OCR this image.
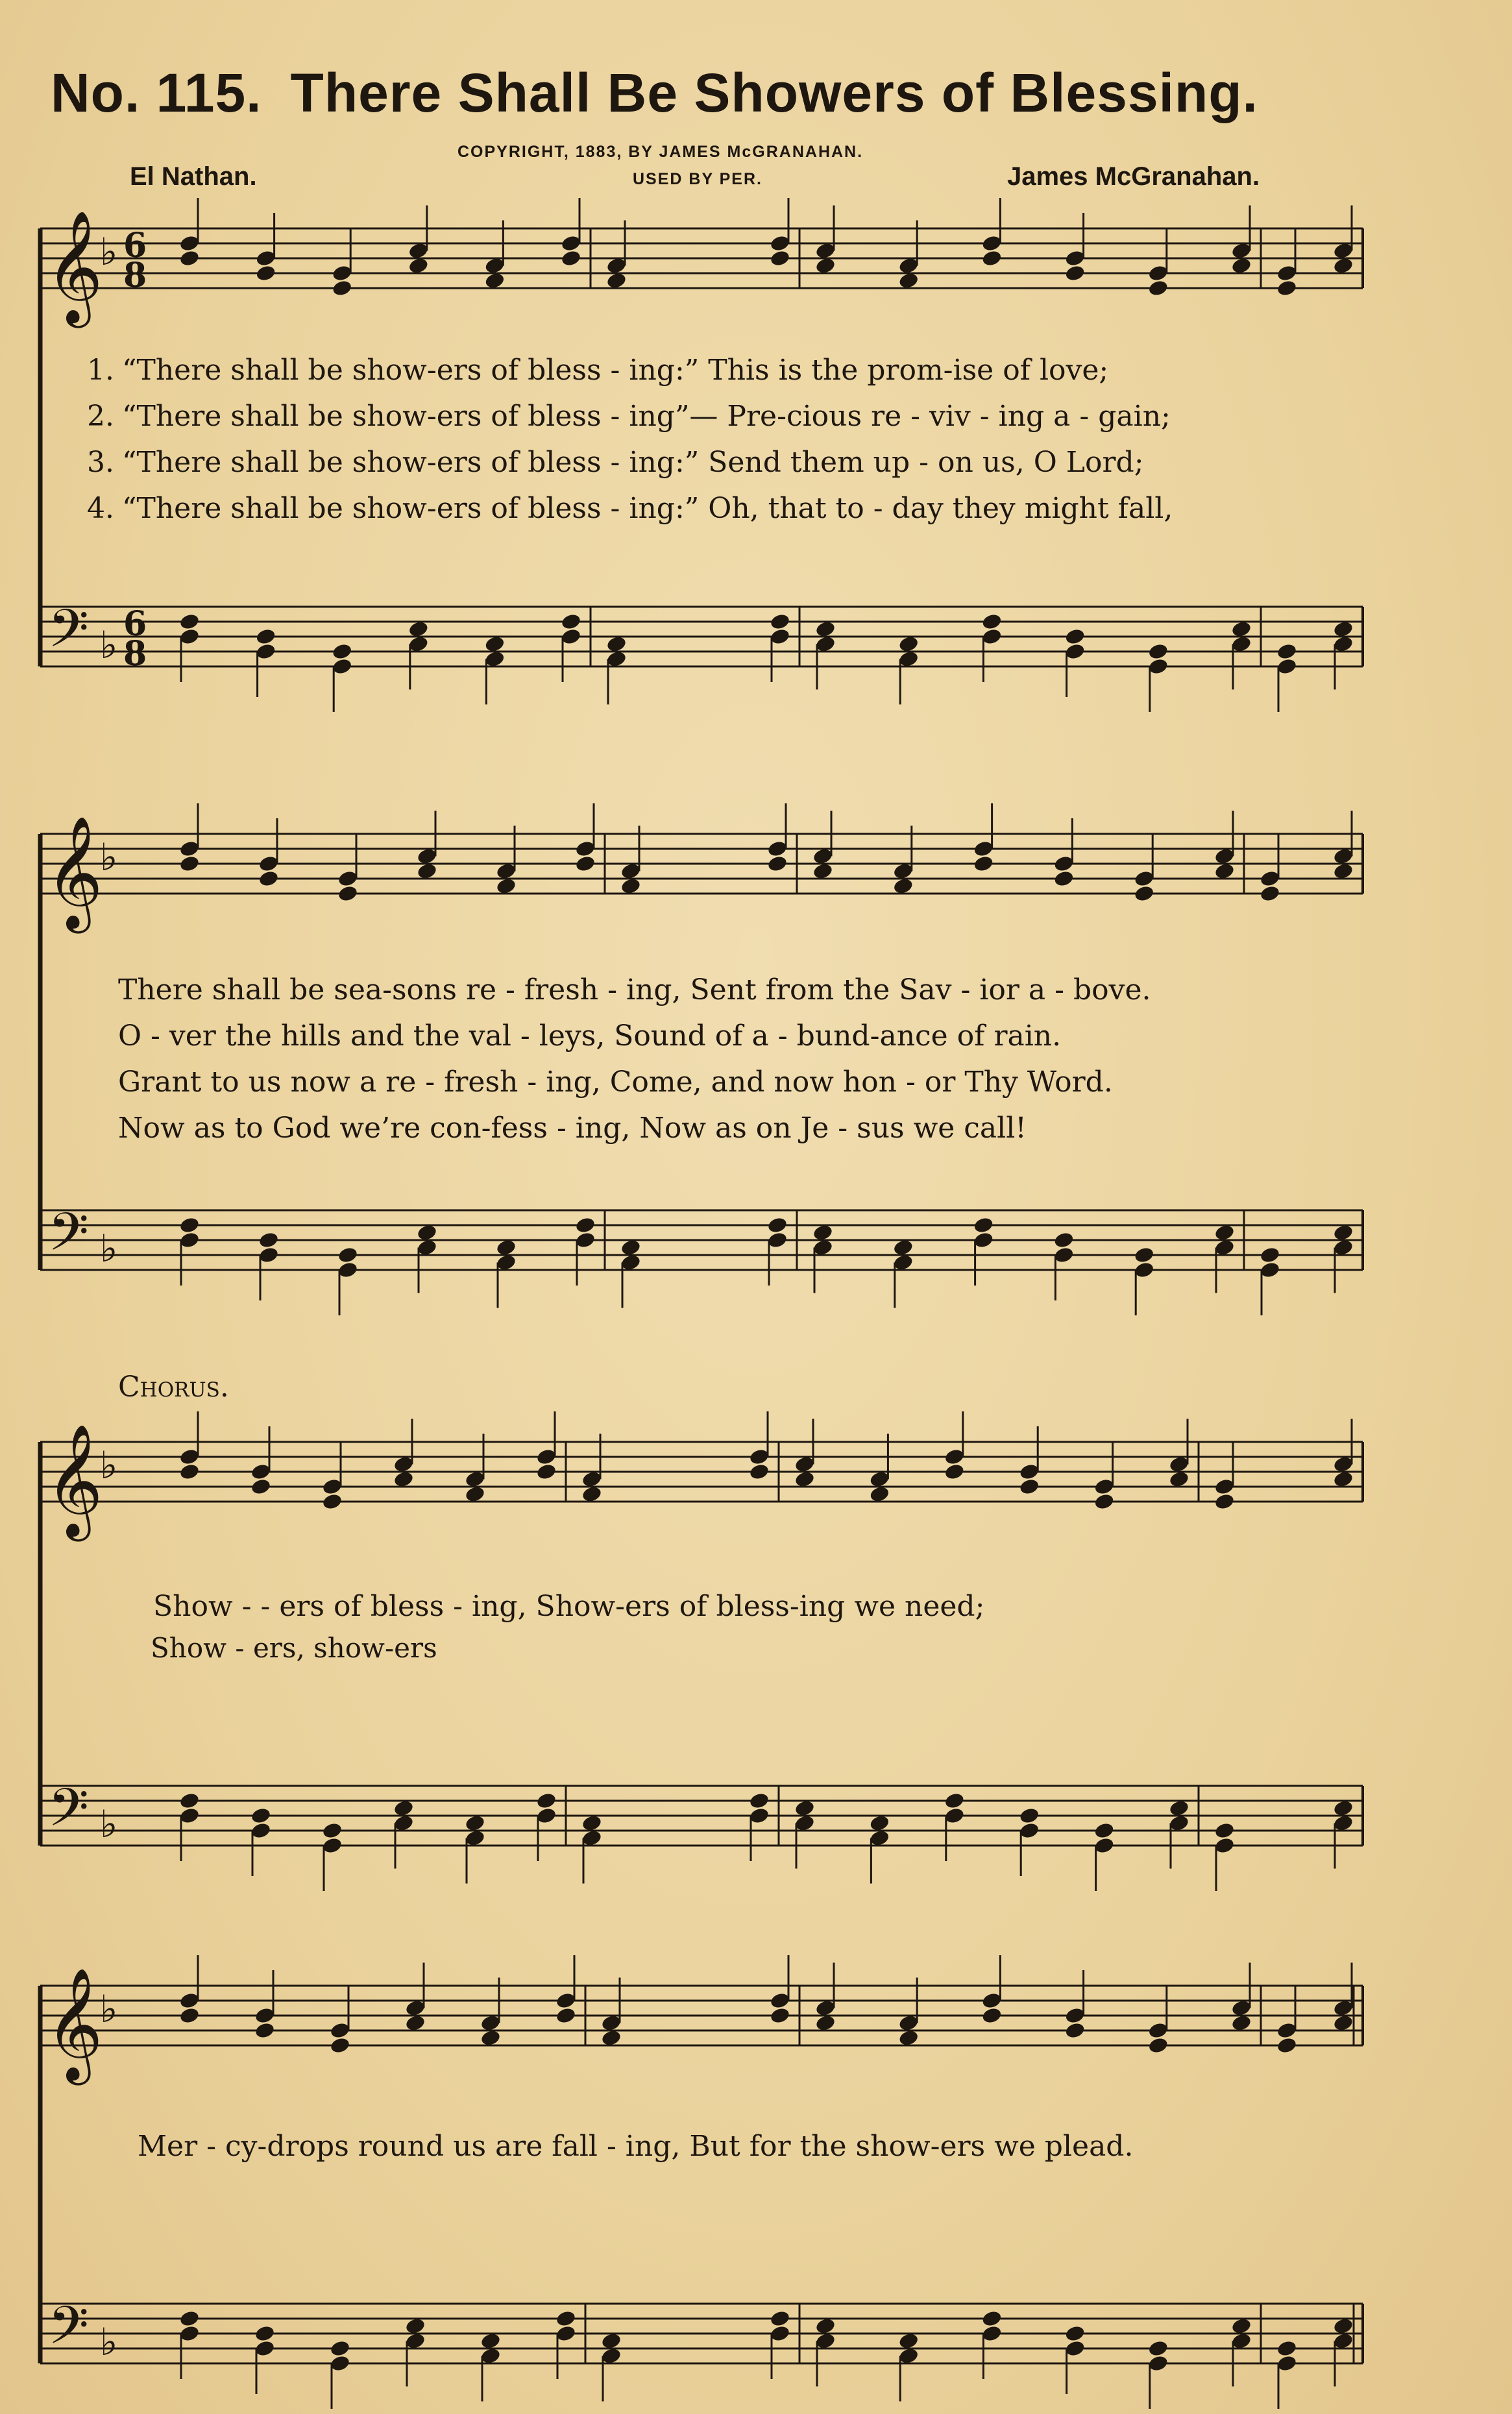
No. 115. There Shall Be Showers of Blessing.
COPYRIGHT, 1883, BY JAMES McGRANAHAN.
USED BY PER.
El Nathan.	James McGranahan.
𝄞
𝄢
♭
♭
6
8
6
8
𝄞
𝄢
♭
♭
𝄞
𝄢
♭
♭
𝄞
𝄢
♭
♭
1. “There shall be show-ers of bless - ing:” This is the prom-ise of love;
2. “There shall be show-ers of bless - ing”— Pre-cious re - viv - ing a - gain;
3. “There shall be show-ers of bless - ing:” Send them up - on us, O Lord;
4. “There shall be show-ers of bless - ing:” Oh, that to - day they might fall,
There shall be sea-sons re - fresh - ing, Sent from the Sav - ior a - bove.
O - ver the hills and the val - leys, Sound of a - bund-ance of rain.
Grant to us now a re - fresh - ing, Come, and now hon - or Thy Word.
Now as to God we’re con-fess - ing, Now as on Je - sus we call!
Chorus.
Show - - ers of bless - ing, Show-ers of bless-ing we need;
Show - ers, show-ers
Mer - cy-drops round us are fall - ing, But for the show-ers we plead.
